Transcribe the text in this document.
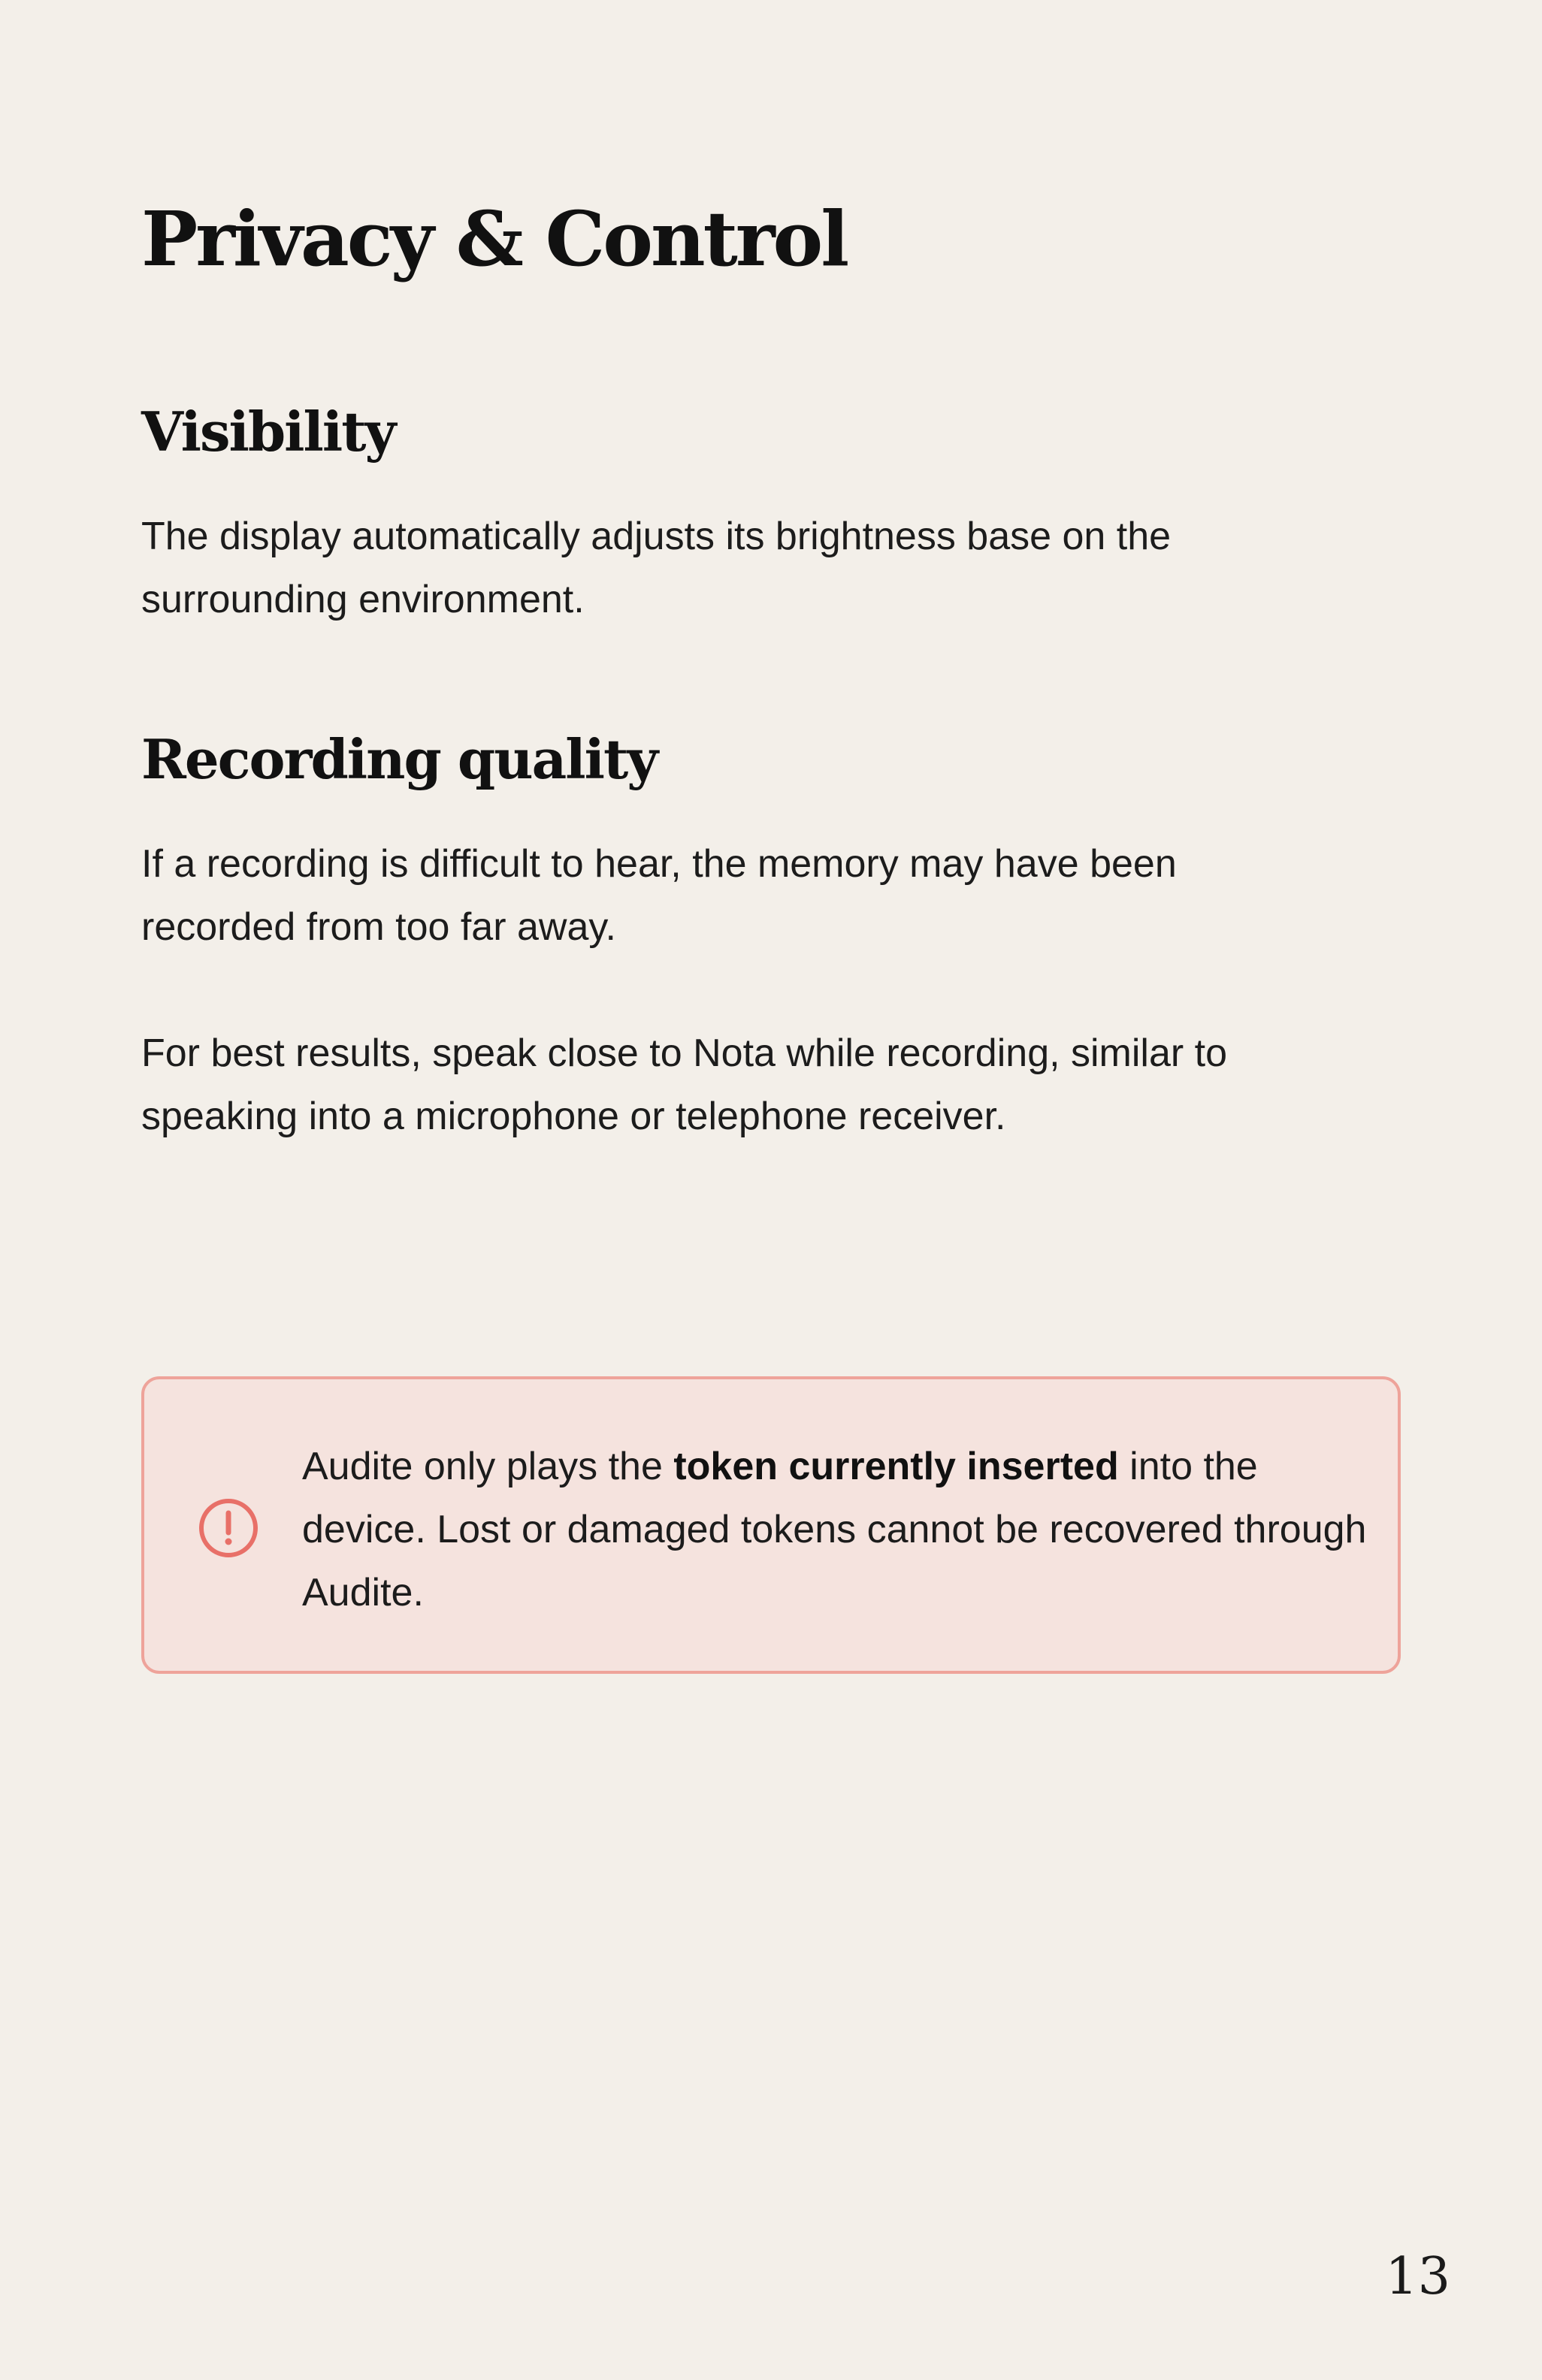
Privacy & Control
Visibility

The display automatically adjusts its brightness base on the surrounding environment.

Recording quality

If a recording is difficult to hear, the memory may have been recorded from too far away.

For best results, speak close to Nota while recording, similar to speaking into a microphone or telephone receiver.

Audite only plays the token currently inserted into the device. Lost or damaged tokens cannot be recovered through Audite.

13
